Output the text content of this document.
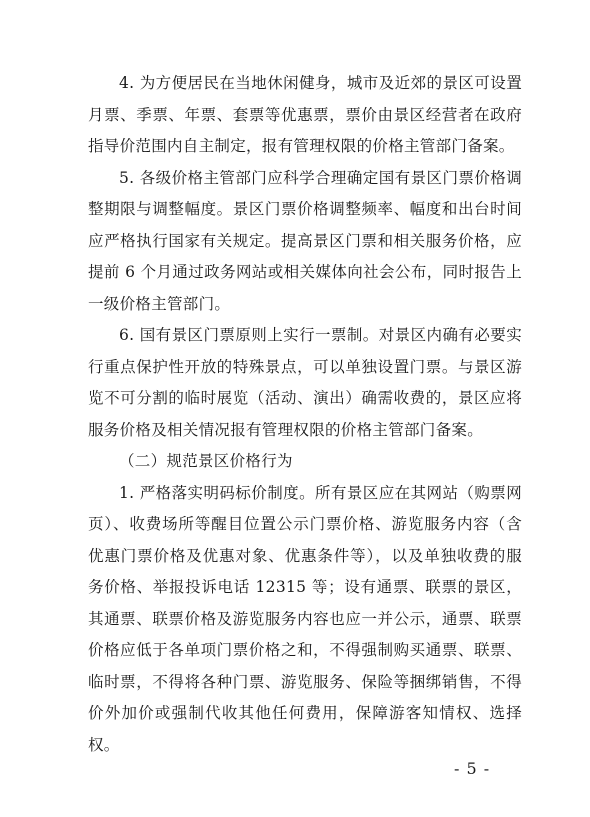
4. 为方便居民在当地休闲健身，城市及近郊的景区可设置月票、季票、年票、套票等优惠票，票价由景区经营者在政府指导价范围内自主制定，报有管理权限的价格主管部门备案。

5. 各级价格主管部门应科学合理确定国有景区门票价格调整期限与调整幅度。景区门票价格调整频率、幅度和出台时间应严格执行国家有关规定。提高景区门票和相关服务价格，应提前 6 个月通过政务网站或相关媒体向社会公布，同时报告上一级价格主管部门。

6. 国有景区门票原则上实行一票制。对景区内确有必要实行重点保护性开放的特殊景点，可以单独设置门票。与景区游览不可分割的临时展览（活动、演出）确需收费的，景区应将服务价格及相关情况报有管理权限的价格主管部门备案。

（二）规范景区价格行为

1. 严格落实明码标价制度。所有景区应在其网站（购票网页）、收费场所等醒目位置公示门票价格、游览服务内容（含优惠门票价格及优惠对象、优惠条件等），以及单独收费的服务价格、举报投诉电话 12315 等；设有通票、联票的景区，其通票、联票价格及游览服务内容也应一并公示，通票、联票价格应低于各单项门票价格之和，不得强制购买通票、联票、临时票，不得将各种门票、游览服务、保险等捆绑销售，不得价外加价或强制代收其他任何费用，保障游客知情权、选择权。

- 5 -
